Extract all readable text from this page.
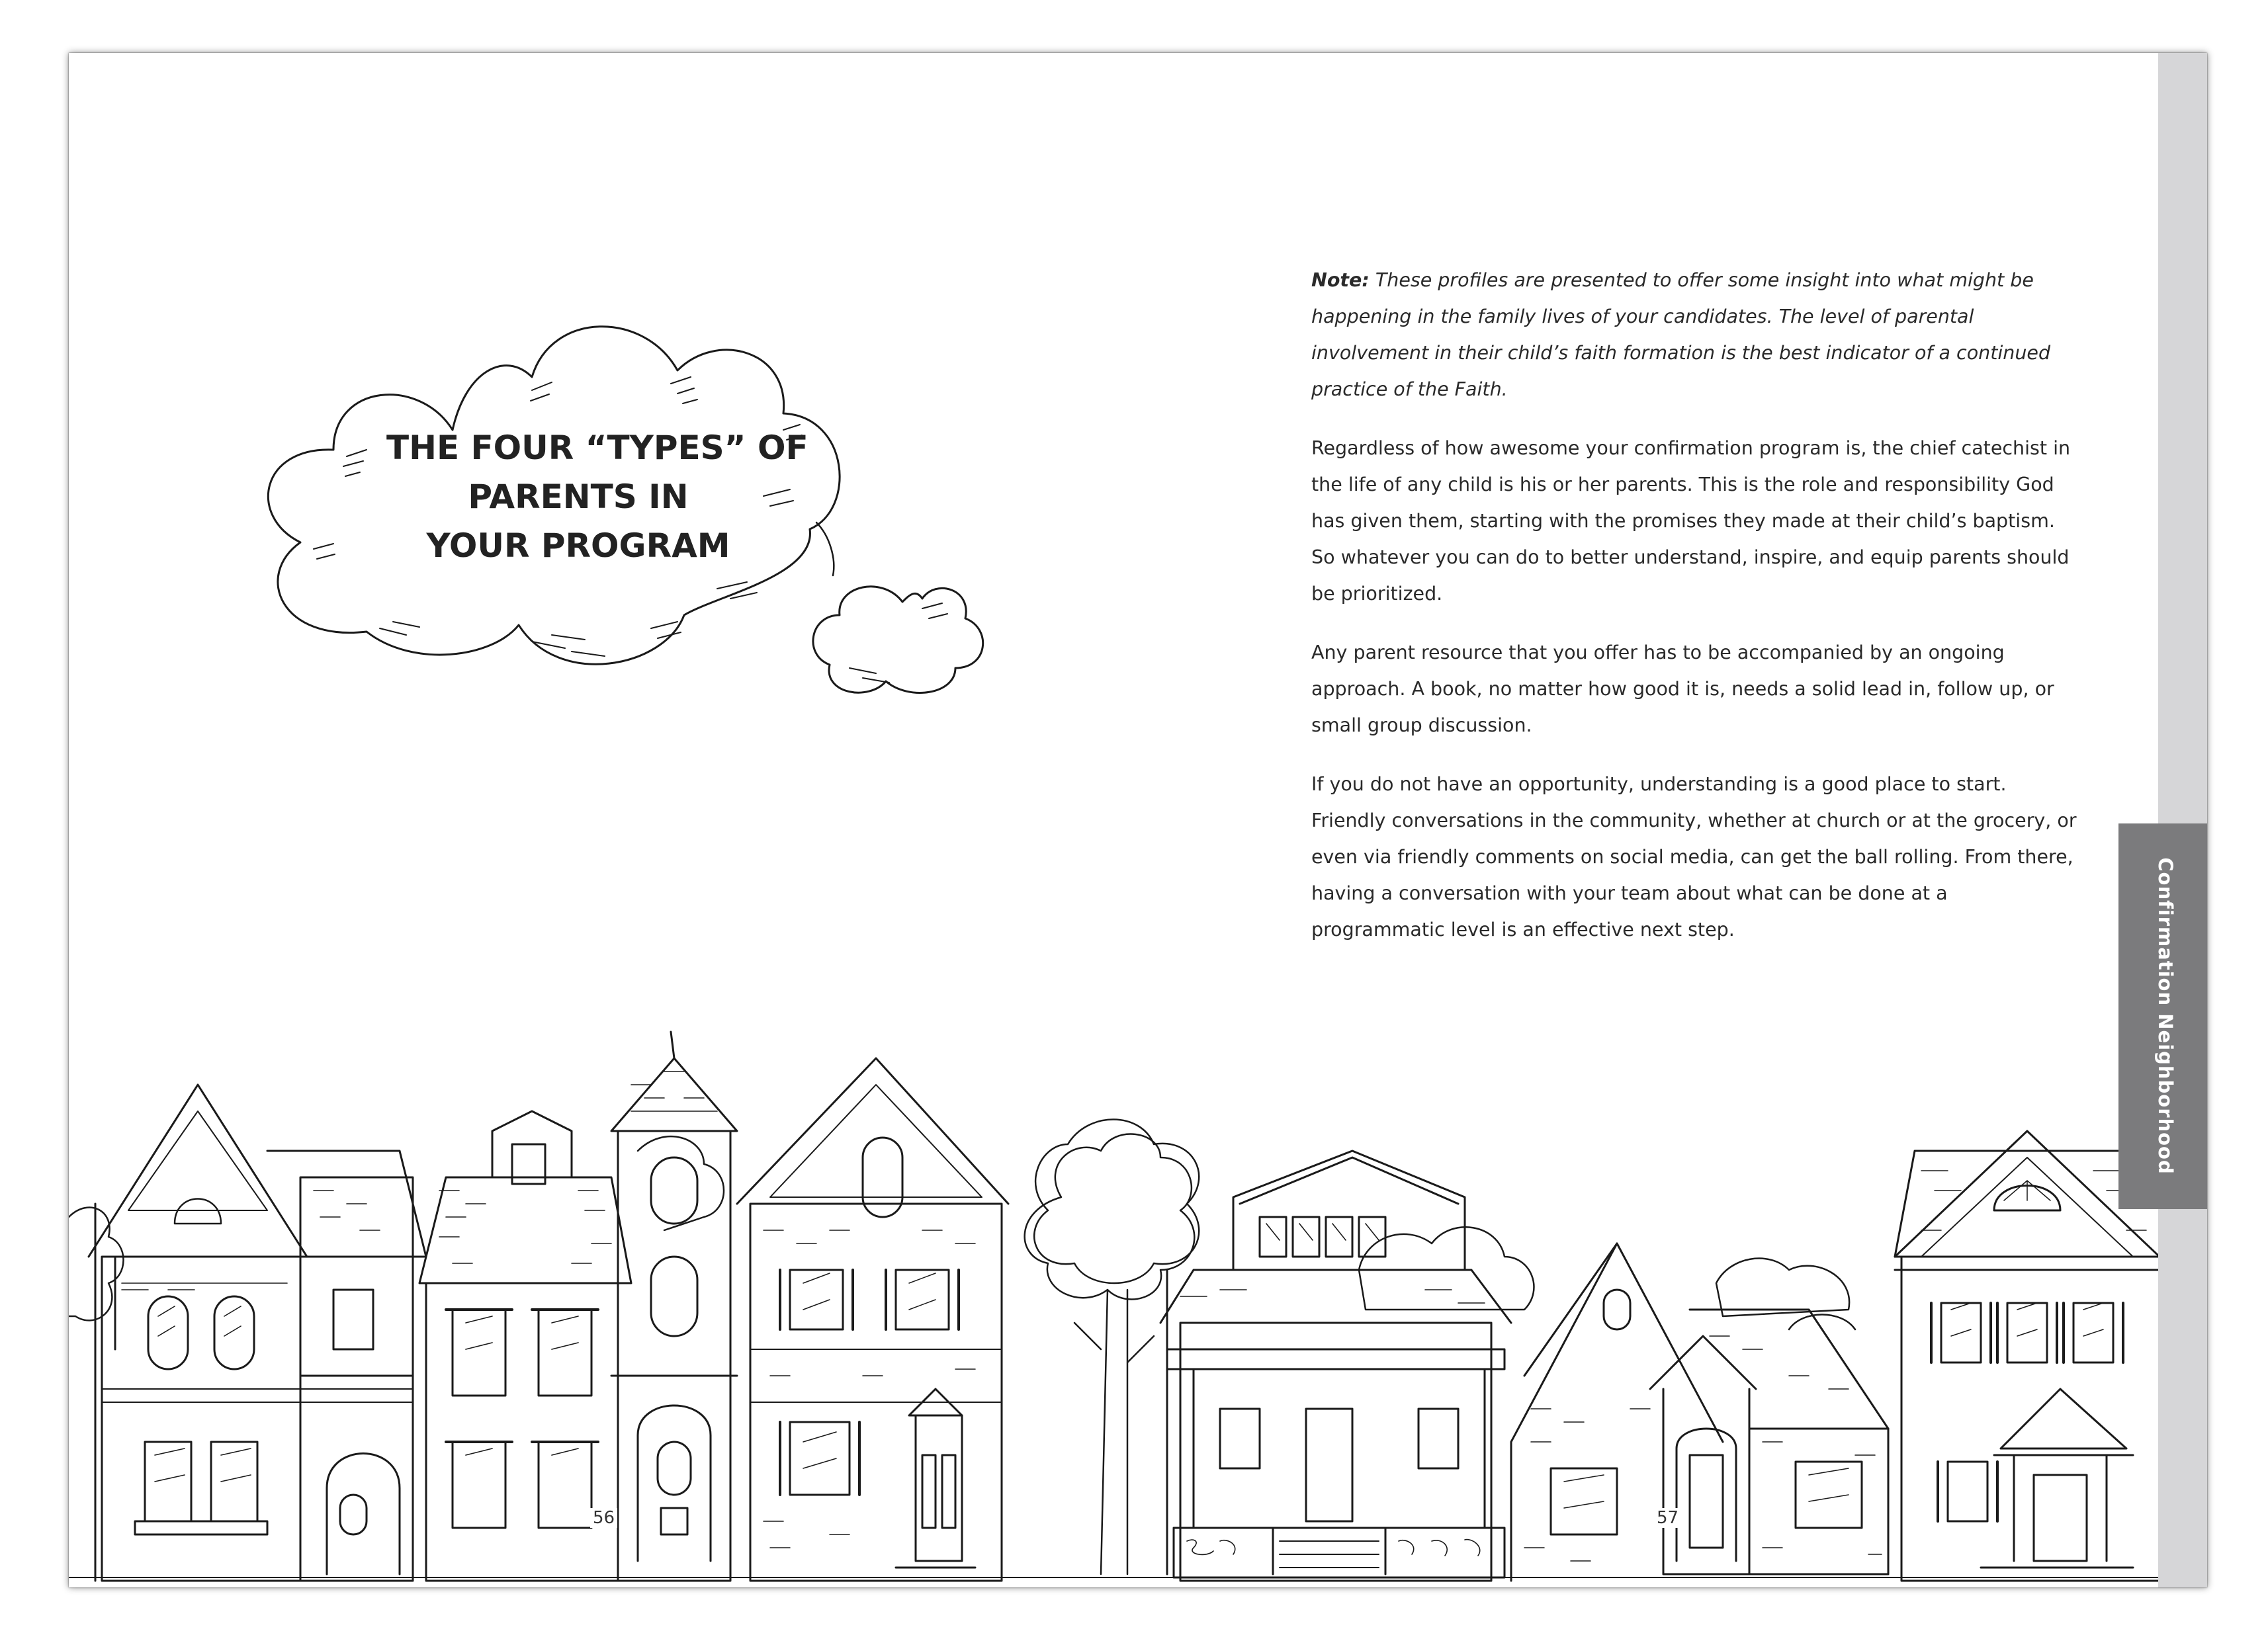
THE FOUR “TYPES” OF
PARENTS IN
YOUR PROGRAM

Note: These profiles are presented to offer some insight into what might be happening in the family lives of your candidates. The level of parental involvement in their child’s faith formation is the best indicator of a continued practice of the Faith.

Regardless of how awesome your confirmation program is, the chief catechist in the life of any child is his or her parents. This is the role and responsibility God has given them, starting with the promises they made at their child’s baptism. So whatever you can do to better understand, inspire, and equip parents should be prioritized.

Any parent resource that you offer has to be accompanied by an ongoing approach. A book, no matter how good it is, needs a solid lead in, follow up, or small group discussion.

If you do not have an opportunity, understanding is a good place to start. Friendly conversations in the community, whether at church or at the grocery, or even via friendly comments on social media, can get the ball rolling. From there, having a conversation with your team about what can be done at a programmatic level is an effective next step.

56	57
Confirmation Neighborhood
